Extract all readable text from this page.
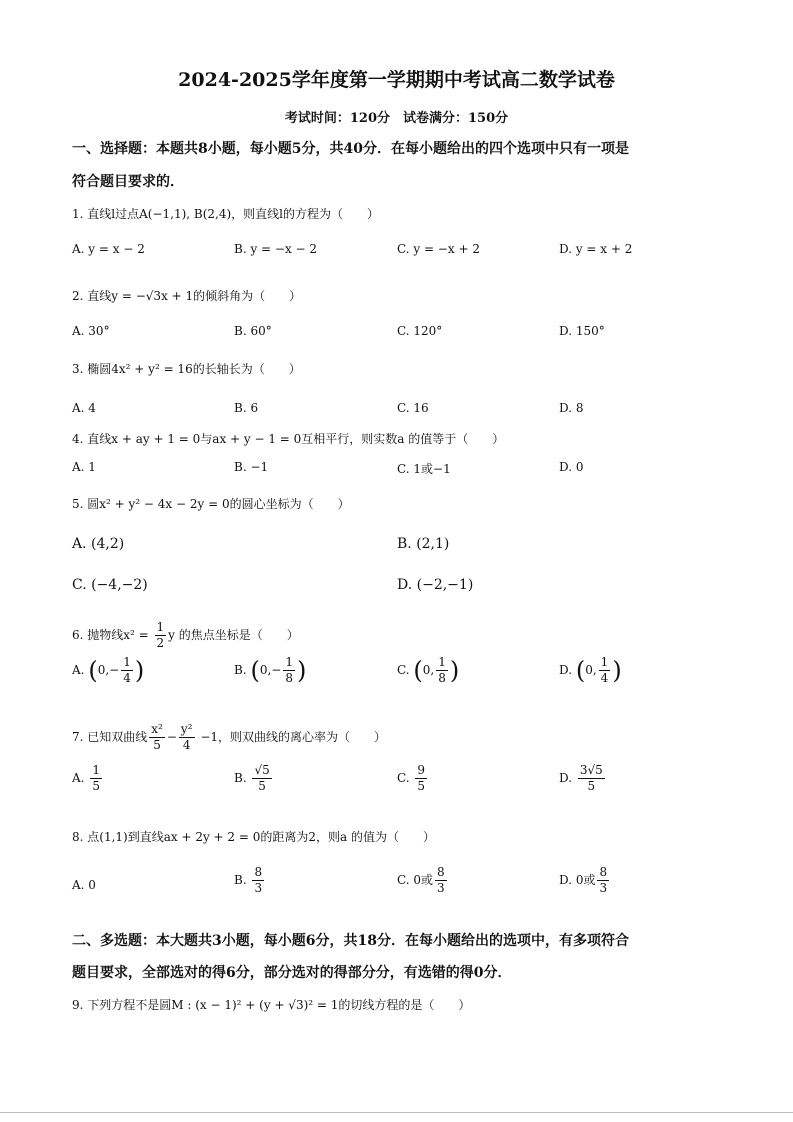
2024-2025学年度第一学期期中考试高二数学试卷
考试时间：120分　试卷满分：150分
一、选择题：本题共8小题，每小题5分，共40分．在每小题给出的四个选项中只有一项是
符合题目要求的．
1. 直线l过点A(−1,1), B(2,4)，则直线l的方程为（　　）
A. y = x − 2	B. y = −x − 2	C. y = −x + 2	D. y = x + 2
2. 直线y = −√3x + 1的倾斜角为（　　）
A. 30°	B. 60°	C. 120°	D. 150°
3. 椭圆4x² + y² = 16的长轴长为（　　）
A. 4	B. 6	C. 16	D. 8
4. 直线x + ay + 1 = 0与ax + y − 1 = 0互相平行，则实数a 的值等于（　　）
A. 1	B. −1	C. 1或−1	D. 0
5. 圆x² + y² − 4x − 2y = 0的圆心坐标为（　　）
A. (4,2)	B. (2,1)
C. (−4,−2)	D. (−2,−1)
6. 抛物线$x^2 = \frac{1}{2}$ y 的焦点坐标是（　　）
A. ($0,- \frac{1}{4}$ )	B. ($0,- \frac{1}{8}$ )	C. (0, $\frac{1}{8}$ )	D. (0, $\frac{1}{4}$ )
7. 已知双曲线 $\frac{\text{x²}}{5} - \frac{\text{y²}}{4} -1$，则双曲线的离心率为（　　）
A. $\frac{1}{5}$	B. $\frac{√5}{5}$	C. $\frac{9}{5}$	D. $\frac{3√5}{5}$
8. 点(1,1)到直线ax + 2y + 2 = 0的距离为2，则a 的值为（　　）
A. 0	B. $\frac{8}{3}$	C. 0或 $\frac{8}{3}$	D. 0或 $\frac{8}{3}$
二、多选题：本大题共3小题，每小题6分，共18分．在每小题给出的选项中，有多项符合
题目要求，全部选对的得6分，部分选对的得部分分，有选错的得0分．
9. 下列方程不是圆M : (x − 1)² + (y + √3)² = 1的切线方程的是（　　）
